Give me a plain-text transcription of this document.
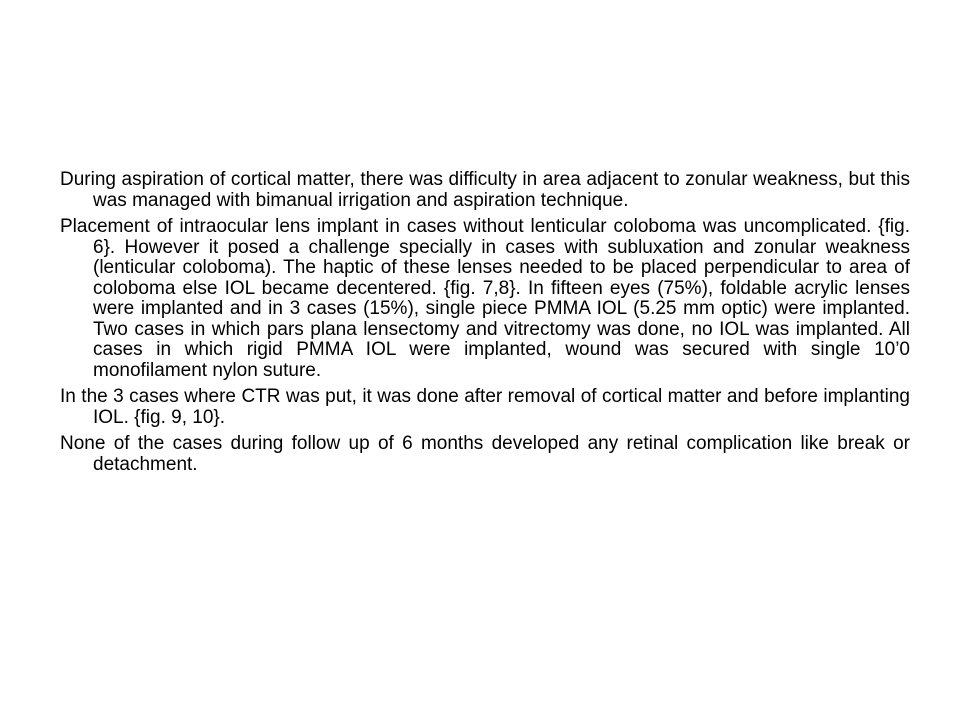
During aspiration of cortical matter, there was difficulty in area adjacent to zonular weakness, but this was managed with bimanual irrigation and aspiration technique.

Placement of intraocular lens implant in cases without lenticular coloboma was uncomplicated. {fig. 6}. However it posed a challenge specially in cases with subluxation and zonular weakness (lenticular coloboma). The haptic of these lenses needed to be placed perpendicular to area of coloboma else IOL became decentered. {fig. 7,8}. In fifteen eyes (75%), foldable acrylic lenses were implanted and in 3 cases (15%), single piece PMMA IOL (5.25 mm optic) were implanted. Two cases in which pars plana lensectomy and vitrectomy was done, no IOL was implanted. All cases in which rigid PMMA IOL were implanted, wound was secured with single 10’0 monofilament nylon suture.

In the 3 cases where CTR was put, it was done after removal of cortical matter and before implanting IOL. {fig. 9, 10}.

None of the cases during follow up of 6 months developed any retinal complication like break or detachment.
